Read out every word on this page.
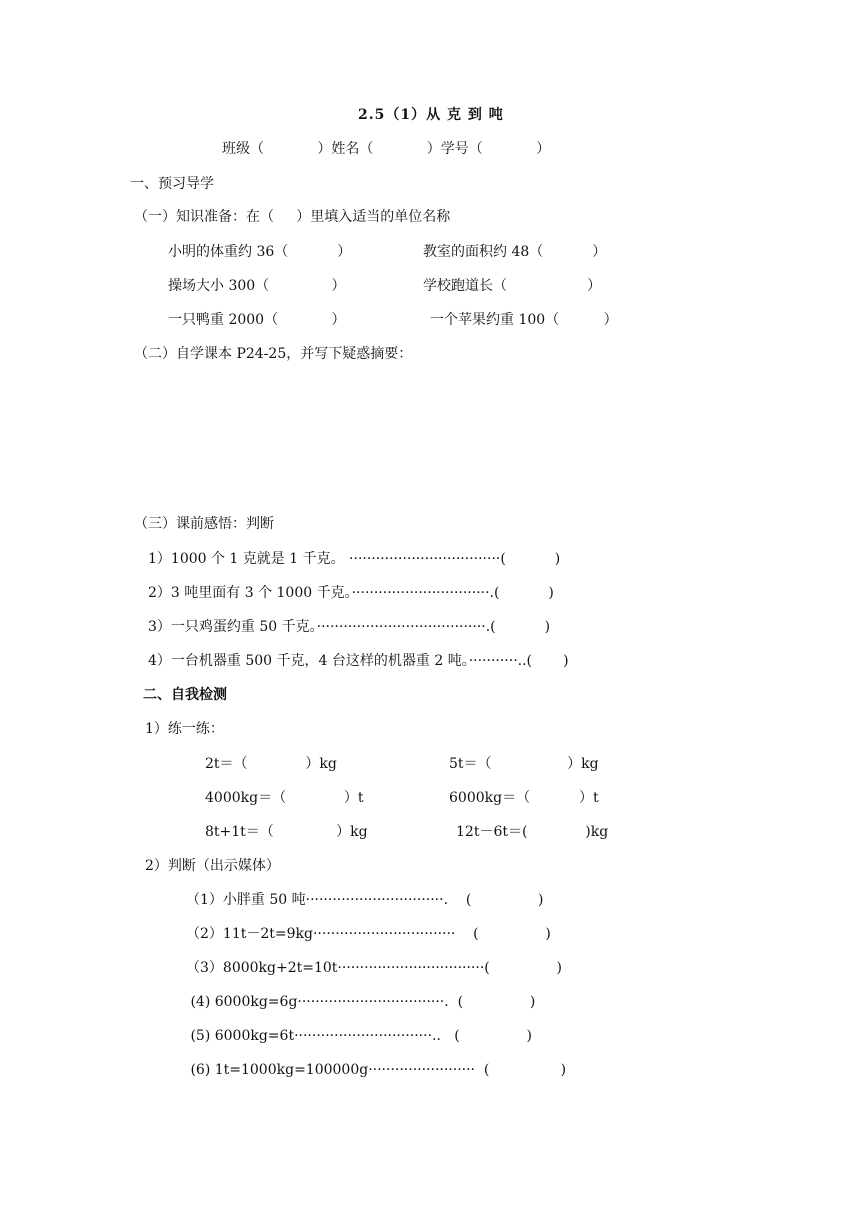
2.5（1）从 克 到 吨
班级（            ）姓名（            ）学号（            ）
一、预习导学
（一）知识准备：在（     ）里填入适当的单位名称
小明的体重约 36（           ）	教室的面积约 48（           ）
操场大小 300（              ）	学校跑道长（                  ）
一只鸭重 2000（            ）	一个苹果约重 100（          ）
（二）自学课本 P24-25，并写下疑惑摘要：
（三）课前感悟：判断
1）1000 个 1 克就是 1 千克。 ··································(           )
2）3 吨里面有 3 个 1000 千克。·······························.(           )
3）一只鸡蛋约重 50 千克。······································.(           )
4）一台机器重 500 千克，4 台这样的机器重 2 吨。···········..(       )
二、自我检测
1）练一练：
2t＝（             ）kg	5t＝（                 ）kg
4000kg＝（             ）t	6000kg＝（           ）t
8t+1t＝（              ）kg	12t－6t＝(             )kg
2）判断（出示媒体）
（1）小胖重 50 吨·······························.    (               )
（2）11t－2t=9kg································    (               )
（3）8000kg+2t=10t·································(               )
(4) 6000kg=6g·································.  (               )
(5) 6000kg=6t·······························..   (               )
(6) 1t=1000kg=100000g························  (                )
